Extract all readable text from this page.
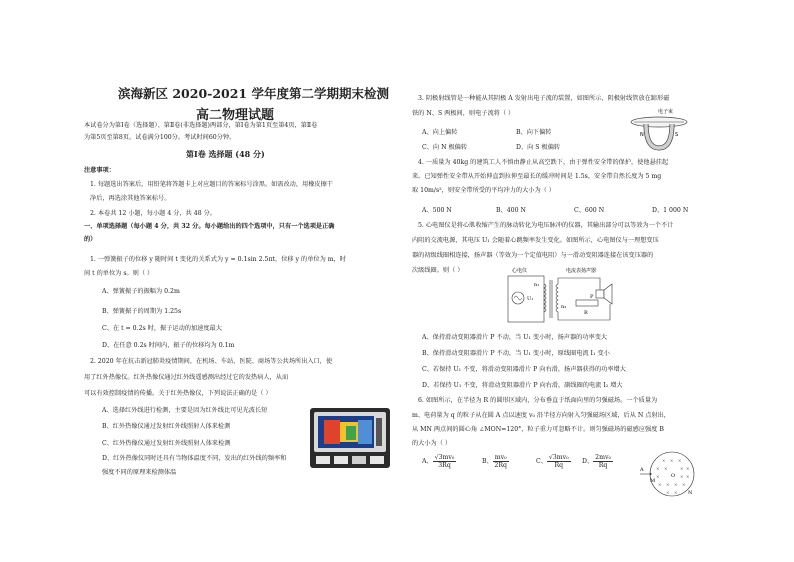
滨海新区 2020-2021 学年度第二学期期末检测
高二物理试题
本试卷分为第Ⅰ卷（选择题）、第Ⅱ卷(非选择题)两部分，第Ⅰ卷为第1页至第4页，第Ⅱ卷
为第5页至第8页。试卷满分100分。考试时间60分钟。
第Ⅰ卷 选择题 (48 分)
注意事项：
1. 每题选出答案后，用铅笔将答题卡上对应题目的答案标号涂黑。如需改动，用橡皮擦干
净后，再选涂其他答案标号。
2. 本卷共 12 小题，每小题 4 分，共 48 分。
一、单项选择题（每小题 4 分，共 32 分。每小题给出的四个选项中，只有一个选项是正确
的）
1. 一弹簧振子的位移 y 随时间 t 变化的关系式为 y = 0.1sin 2.5πt，位移 y 的单位为 m，时
间 t 的单位为 s。则（ ）
A、弹簧振子的振幅为 0.2m
B、弹簧振子的周期为 1.25s
C、在 t = 0.2s 时，振子运动的加速度最大
D、在任意 0.2s 时间内，振子的位移均为 0.1m
2. 2020 年在抗击新冠肺炎疫情期间，在机场、车站、医院、商场等公共场所出入口，使
用了红外热像仪。红外热像仪通过红外线遥感测出经过它的发热病人，从而
可以有效控制疫情的传播。关于红外热像仪，下列说法正确的是（ ）
A、选择红外线进行检测，主要是因为红外线比可见光波长短
B、红外热像仪通过发射红外线照射人体来检测
C、红外热像仪通过发射红外线照射人体来检测
D、红外热像仪同时还具有当物体温度不同，发出的红外线的频率和
强度不同的原理来检测体温
3. 阴极射线管是一种能从其阴极 A 发射出电子流的装置，如图所示，阴极射线管放在蹄形磁
铁的 N、S 两极间，则电子流将（ ）
A、向上偏转	B、向下偏转
C、向 N 极偏转	D、向 S 极偏转
电子束
N	S
4. 一质量为 40kg 的建筑工人不慎由静止从高空跌下，由于弹性安全带的保护，使他悬挂起
来。已知弹性安全带从开始伸直到拉伸至最长的缓冲时间是 1.5s，安全带自然长度为 5 mg
取 10m/s²，则安全带所受的平均冲力的大小为（ ）
A、500 N	B、400 N	C、600 N	D、1 000 N
5. 心电图仪是将心肌收缩产生的脉动转化为电压脉冲的仪器，其输出部分可以等效为一个不计
内阻的交流电源，其电压 U₁ 会随着心跳频率发生变化。如图所示，心电图仪与一理想变压
器的初级线圈相连接，扬声器（等效为一个定值电阻）与一滑动变阻器连接在该变压器的
次级线圈。则（ ）	心电仪	电流表扬声器
U₁
n₁
n₂
P
R
A、保持滑动变阻器滑片 P 不动，当 U₁ 变小时，扬声器的功率变大
B、保持滑动变阻器滑片 P 不动，当 U₁ 变小时，原线圈电流 I₁ 变小
C、若保持 U₁ 不变，将滑动变阻器滑片 P 向右滑，扬声器获得的功率增大
D、若保持 U₁ 不变，将滑动变阻器滑片 P 向右滑，副线圈的电流 I₂ 增大
6. 如图所示，在半径为 R 的圆形区域内，分布垂直于纸面向里的匀强磁场。一个质量为
m、电荷量为 q 的粒子从在圆 A 点以速度 v₀ 沿半径方向射入匀强磁场区域，后从 N 点射出，
从 MN 两点间的圆心角 ∠MON=120°，粒子重力可忽略不计。则匀强磁场的磁感应强度 B
的大小为（ ）
A、 $\frac{\text{√3mv₀}}{3Rq}$	B、 $\frac{\text{mv₀}}{2Rq}$	C、 $\frac{\text{√3mv₀}}{Rq}$ D、 $\frac{\text{2mv₀}}{Rq}$	× × ×
× ×	× ×
×	× ×
× × × ×
× ×
A
O
M
N
